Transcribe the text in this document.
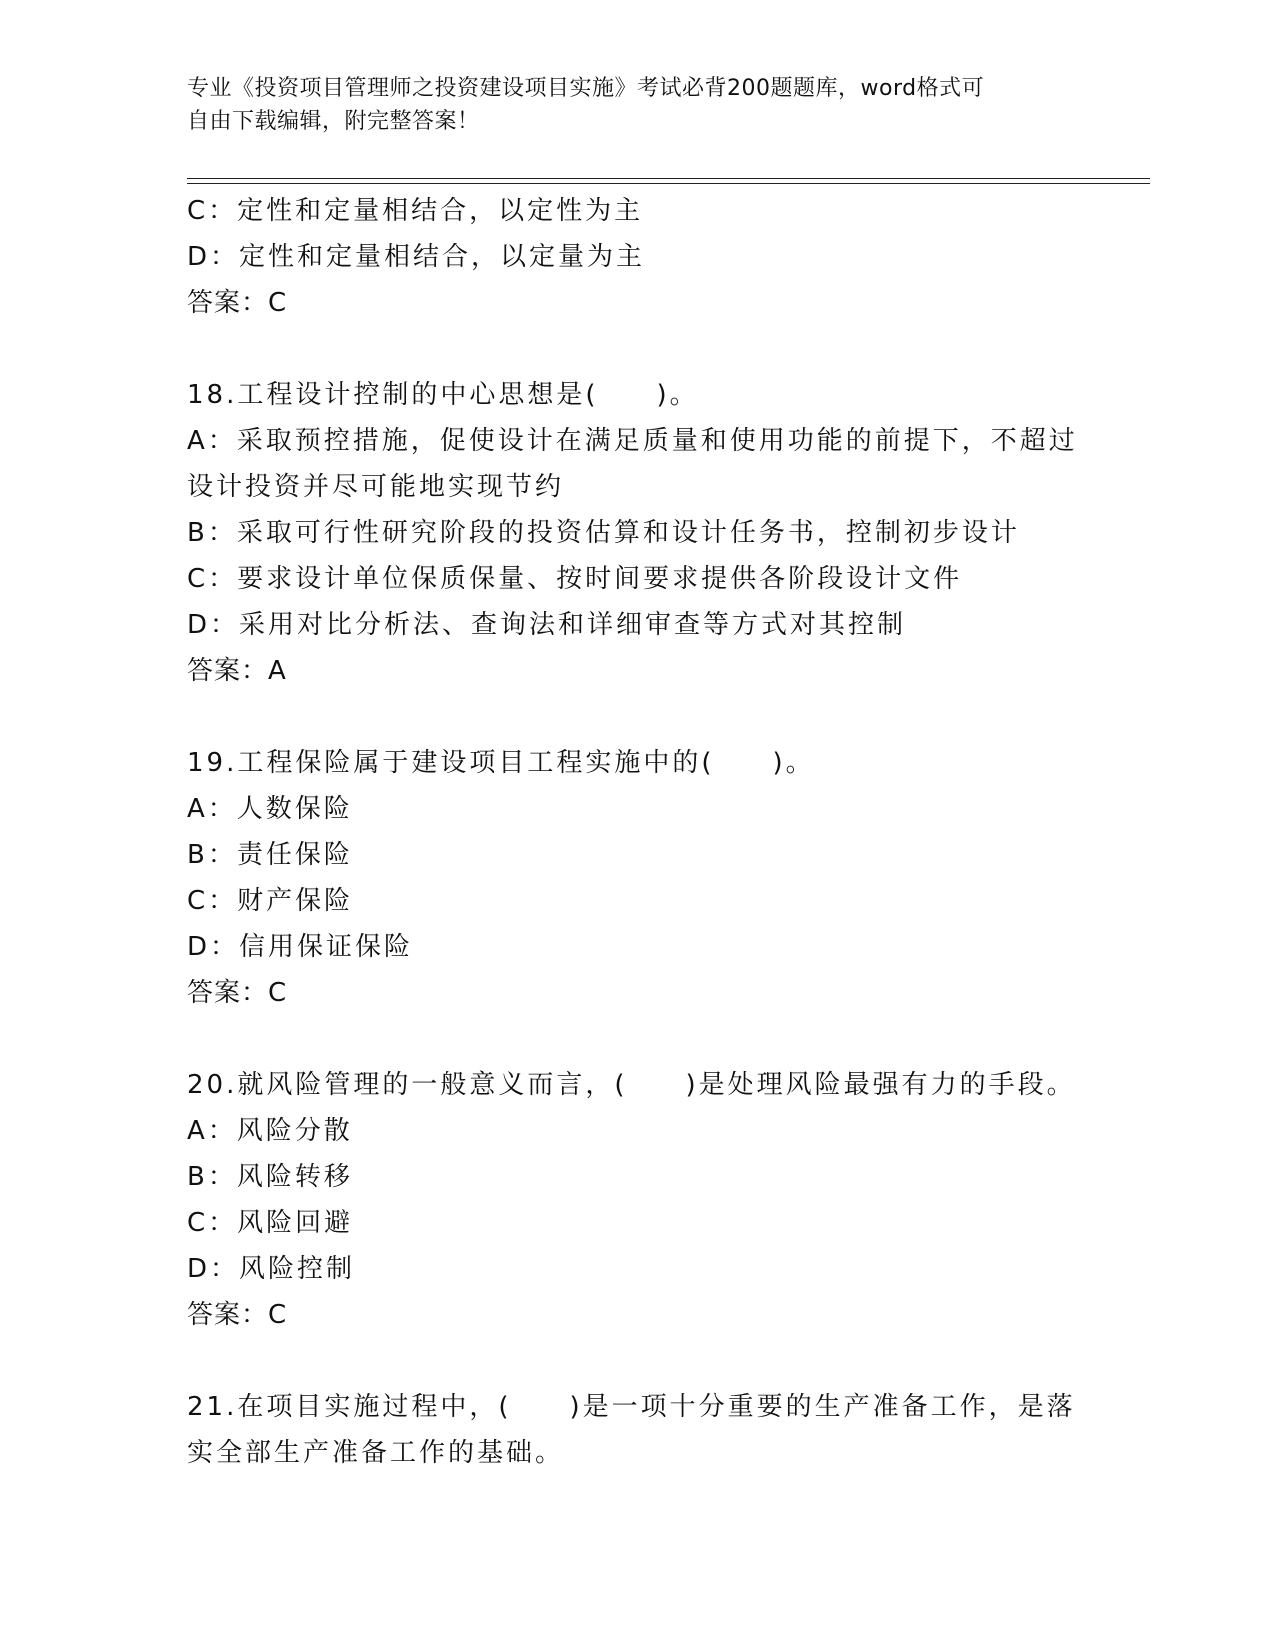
专业《投资项目管理师之投资建设项目实施》考试必背200题题库，word格式可
自由下载编辑，附完整答案！
C：定性和定量相结合，以定性为主
D：定性和定量相结合，以定量为主
答案：C
18.工程设计控制的中心思想是(　　)。
A：采取预控措施，促使设计在满足质量和使用功能的前提下，不超过
设计投资并尽可能地实现节约
B：采取可行性研究阶段的投资估算和设计任务书，控制初步设计
C：要求设计单位保质保量、按时间要求提供各阶段设计文件
D：采用对比分析法、查询法和详细审查等方式对其控制
答案：A
19.工程保险属于建设项目工程实施中的(　　)。
A：人数保险
B：责任保险
C：财产保险
D：信用保证保险
答案：C
20.就风险管理的一般意义而言，(　　)是处理风险最强有力的手段。
A：风险分散
B：风险转移
C：风险回避
D：风险控制
答案：C
21.在项目实施过程中，(　　)是一项十分重要的生产准备工作，是落
实全部生产准备工作的基础。
